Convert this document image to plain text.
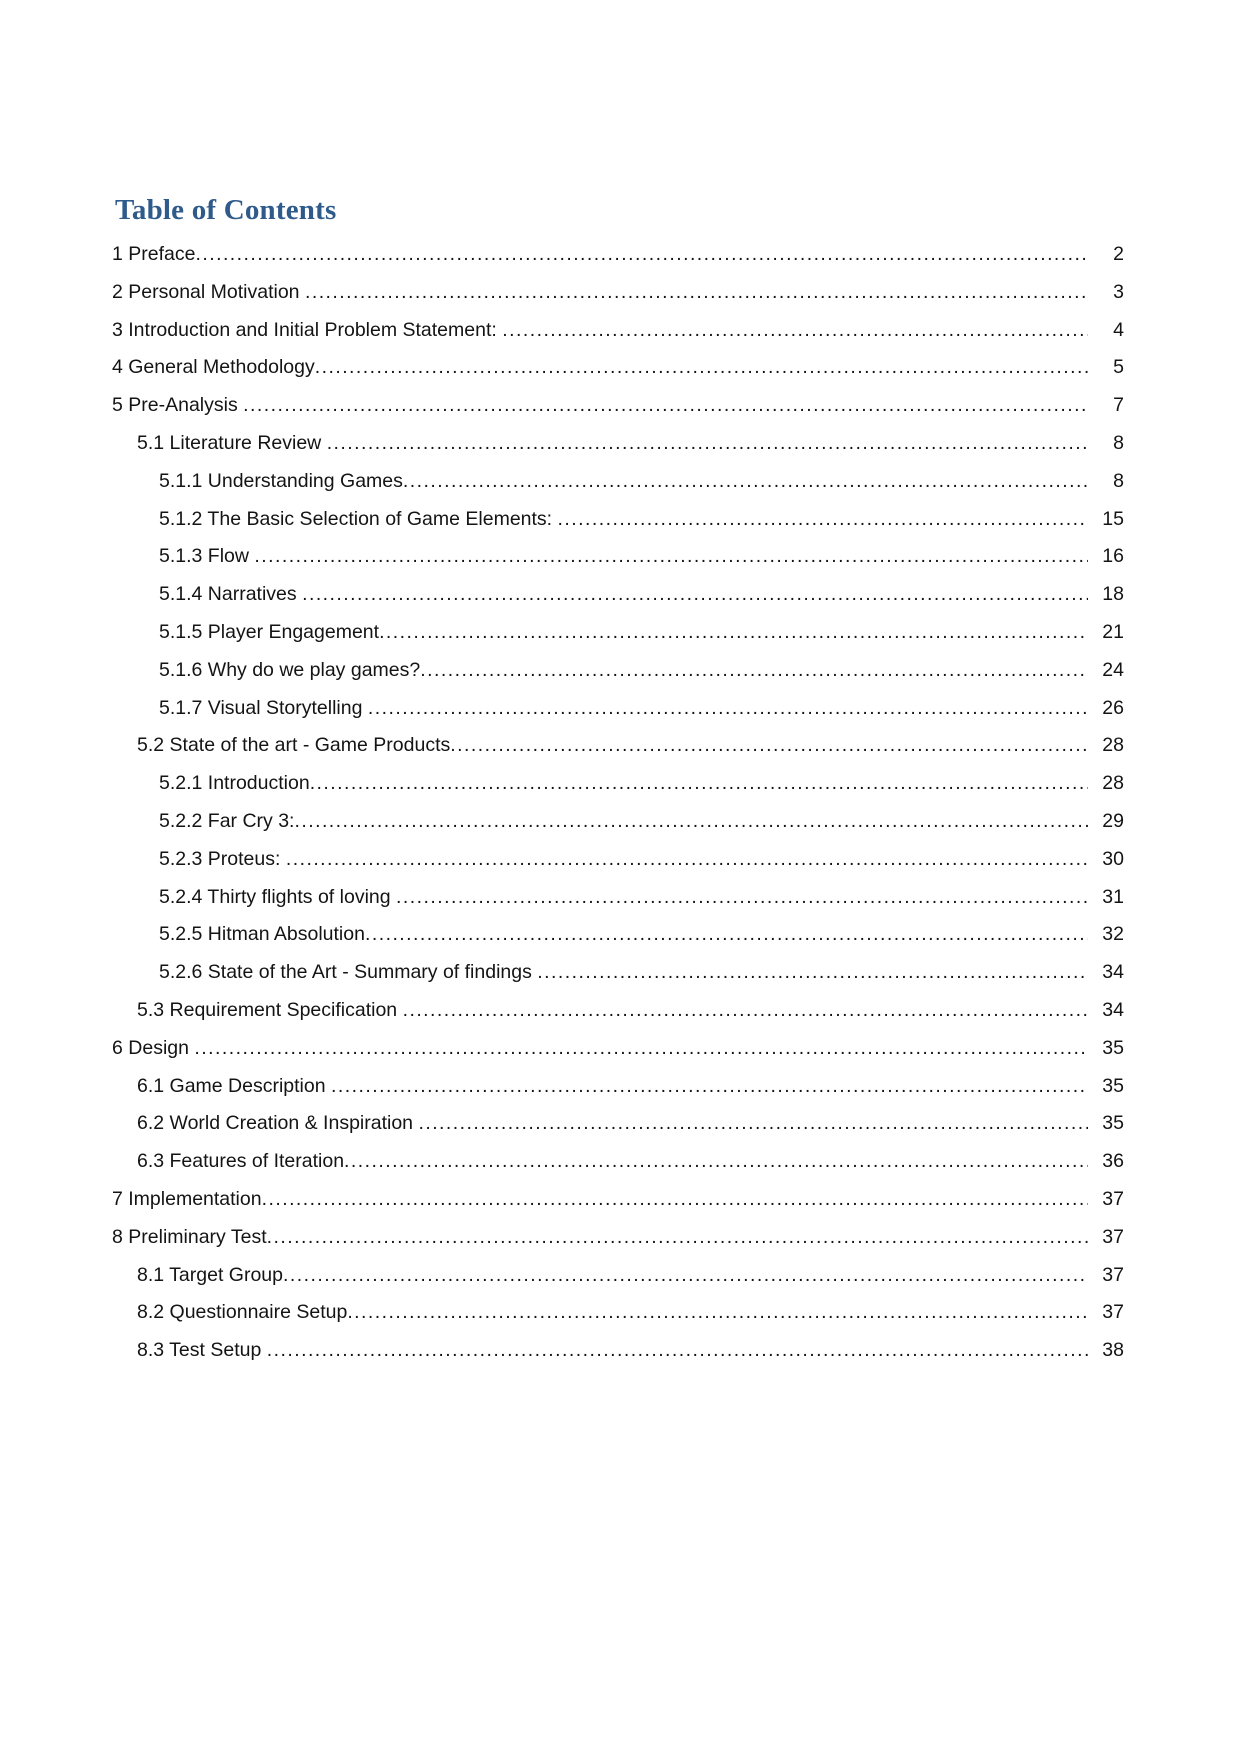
Table of Contents
1 Preface .....	2
2 Personal Motivation .....	3
3 Introduction and Initial Problem Statement: .....	4
4 General Methodology .....	5
5 Pre-Analysis .....	7
5.1 Literature Review .....	8
5.1.1 Understanding Games .....	8
5.1.2 The Basic Selection of Game Elements: .....	15
5.1.3 Flow .....	16
5.1.4 Narratives .....	18
5.1.5 Player Engagement .....	21
5.1.6 Why do we play games? .....	24
5.1.7 Visual Storytelling .....	26
5.2 State of the art - Game Products .....	28
5.2.1 Introduction .....	28
5.2.2 Far Cry 3: .....	29
5.2.3 Proteus: .....	30
5.2.4 Thirty flights of loving .....	31
5.2.5 Hitman Absolution .....	32
5.2.6 State of the Art - Summary of findings .....	34
5.3 Requirement Specification .....	34
6 Design .....	35
6.1 Game Description .....	35
6.2 World Creation & Inspiration .....	35
6.3 Features of Iteration .....	36
7 Implementation .....	37
8 Preliminary Test .....	37
8.1 Target Group .....	37
8.2 Questionnaire Setup .....	37
8.3 Test Setup .....	38
